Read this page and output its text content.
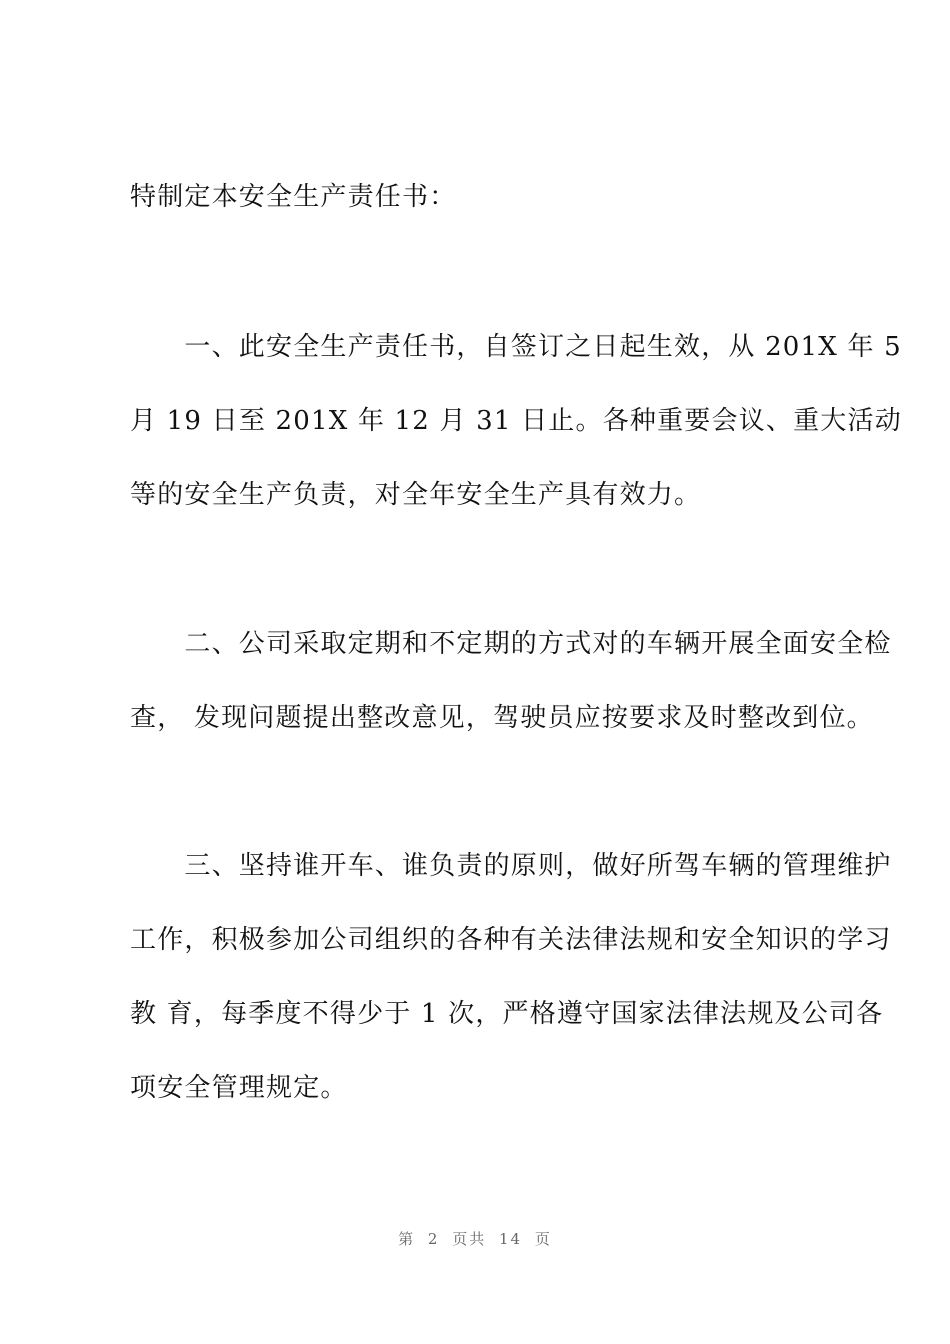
特制定本安全生产责任书：
　　一、此安全生产责任书，自签订之日起生效，从 201X 年 5
月 19 日至 201X 年 12 月 31 日止。各种重要会议、重大活动
等的安全生产负责，对全年安全生产具有效力。
　　二、公司采取定期和不定期的方式对的车辆开展全面安全检
查， 发现问题提出整改意见，驾驶员应按要求及时整改到位。
　　三、坚持谁开车、谁负责的原则，做好所驾车辆的管理维护
工作，积极参加公司组织的各种有关法律法规和安全知识的学习
教 育，每季度不得少于 1 次，严格遵守国家法律法规及公司各
项安全管理规定。
第 2 页共 14 页
